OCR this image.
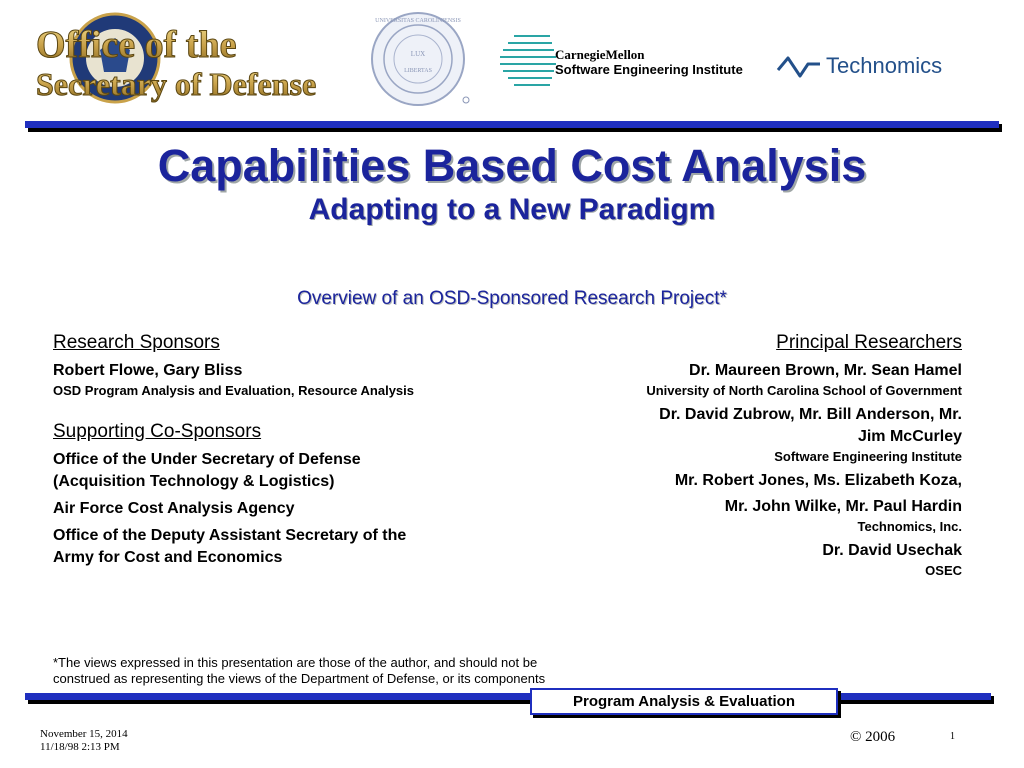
Office of the
Secretary of Defense
UNIVERSITAS CAROLINIENSIS
LUX
LIBERTAS
CarnegieMellon
Software Engineering Institute	Technomics
Capabilities Based Cost Analysis
Adapting to a New Paradigm
Overview of an OSD-Sponsored Research Project*

Research Sponsors

Robert Flowe, Gary Bliss

OSD Program Analysis and Evaluation, Resource Analysis

Supporting Co-Sponsors

Office of the Under Secretary of Defense

(Acquisition Technology & Logistics)

Air Force Cost Analysis Agency

Office of the Deputy Assistant Secretary of the

Army for Cost and Economics

Principal Researchers

Dr. Maureen Brown, Mr. Sean Hamel

University of North Carolina School of Government

Dr. David Zubrow, Mr. Bill Anderson, Mr.

Jim McCurley

Software Engineering Institute

Mr. Robert Jones, Ms. Elizabeth Koza,

Mr. John Wilke, Mr. Paul Hardin

Technomics, Inc.

Dr. David Usechak

OSEC

*The views expressed in this presentation are those of the author, and should not be
construed as representing the views of the Department of Defense, or its components
Program Analysis & Evaluation
November 15, 2014
11/18/98 2:13 PM
© 2006	1
